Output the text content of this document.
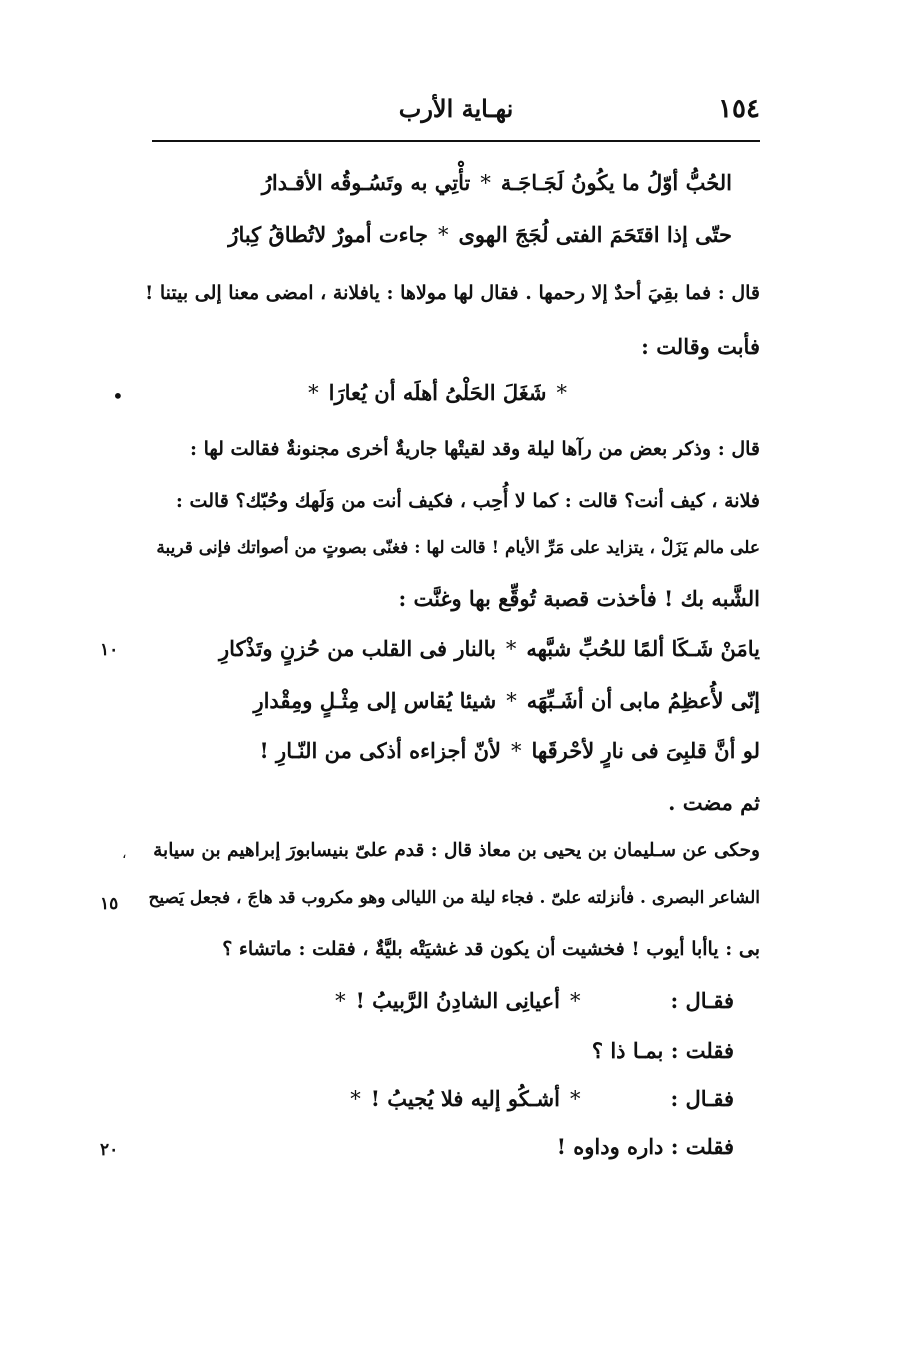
١٥٤
نهـاية الأرب
الحُبُّ أوّلُ ما يكُونُ لَجَـاجَـة*تأْتِي به وتَسُـوقُه الأقـدارُ
حتّى إذا اقتَحَمَ الفتى لُجَجَ الهوى*جاءت أمورٌ لاتُطاقُ كِبارُ
قال : فما بقِيَ أحدٌ إلا رحمها . فقال لها مولاها : يافلانة ، امضى معنا إلى بيتنا !
فأبت وقالت :
*شَغَلَ الحَلْىُ أهلَه أن يُعارَا*
•
قال : وذكر بعض من رآها ليلة وقد لقيتْها جاريةٌ أخرى مجنونةٌ فقالت لها :
فلانة ، كيف أنت؟ قالت : كما لا أُحِب ، فكيف أنت من وَلَهك وحُبّك؟ قالت :
على مالم يَزَلْ ، يتزايد على مَرِّ الأيام ! قالت لها : فغنّى بصوتٍ من أصواتك فإنى قريبة
الشَّبه بك ! فأخذت قصبة تُوقِّع بها وغنَّت :
يامَنْ شَـكَا ألمًا للحُبِّ شبَّهه*بالنار فى القلب من حُزنٍ وتَذْكارِ
١٠
إنّى لأُعظِمُ مابى أن أشَـبِّهَه*شيئا يُقاس إلى مِثْـلٍ ومِقْدارِ
لو أنَّ قلبِىَ فى نارٍ لأحْرقَها*لأنّ أجزاءه أذكى من النّـارِ !
ثم مضت .
وحكى عن سـليمان بن يحيى بن معاذ قال : قدم علىّ بنيسابورَ إبراهيم بن سيابة
،
الشاعر البصرى . فأنزلته علىّ . فجاء ليلة من الليالى وهو مكروب قد هاجَ ، فجعل يَصيح
١٥
بى : ياأبا أيوب ! فخشيت أن يكون قد غشيَتْه بليَّةٌ ، فقلت : ماتشاء ؟
فقـال :*أعيانِى الشادِنُ الرَّبيبُ !*
فقلت : بمـا ذا ؟
فقـال :*أشـكُو إليه فلا يُجيبُ !*
فقلت : داره وداوه !
٢٠
